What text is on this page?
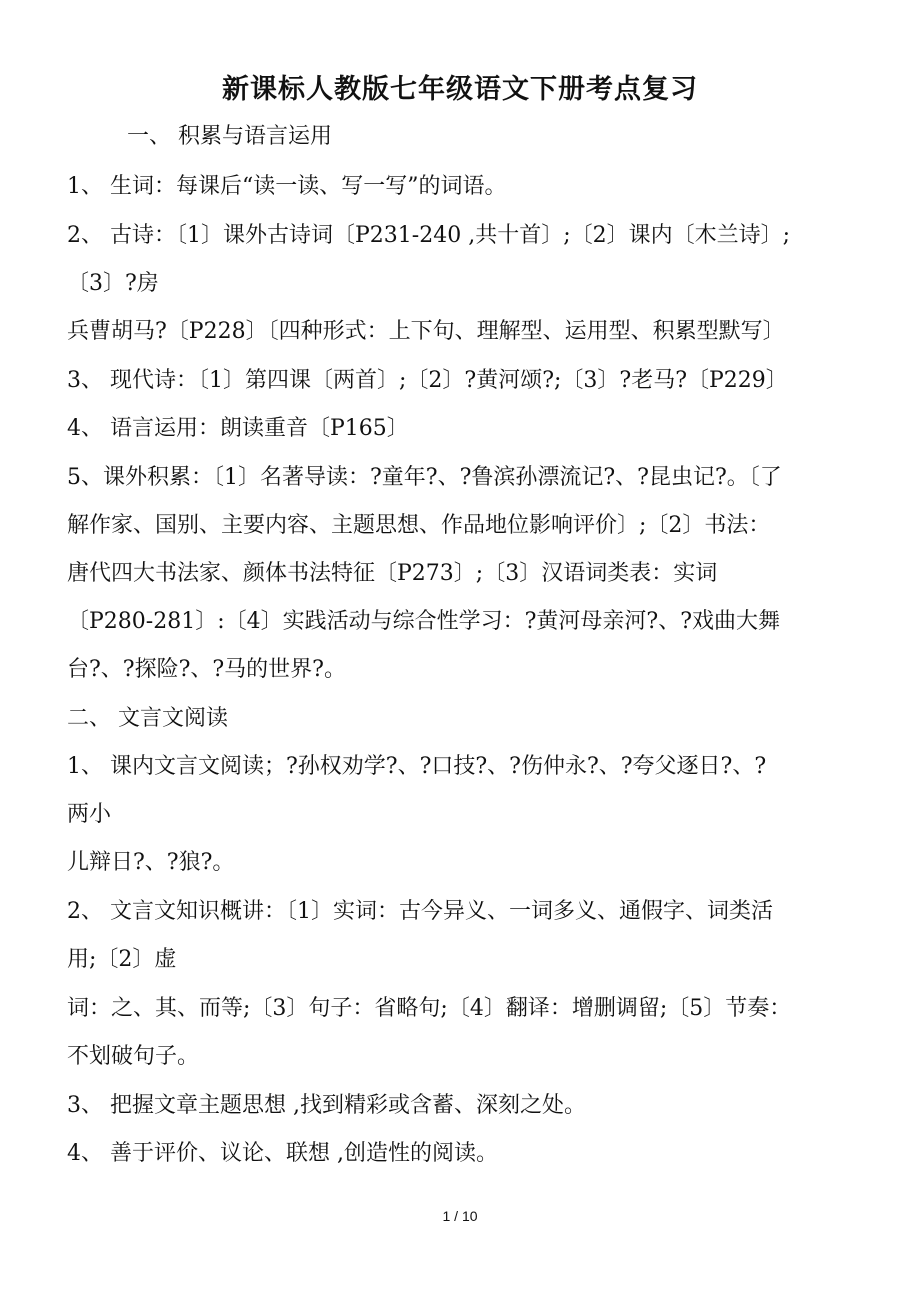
新课标人教版七年级语文下册考点复习
一、 积累与语言运用
1、 生词：每课后“读一读、写一写”的词语。
2、 古诗：〔1〕课外古诗词〔P231-240 ,共十首〕;〔2〕课内〔木兰诗〕;
〔3〕?房
兵曹胡马?〔P228〕〔四种形式：上下句、理解型、运用型、积累型默写〕
3、 现代诗：〔1〕第四课〔两首〕;〔2〕?黄河颂?;〔3〕?老马?〔P229〕
4、 语言运用：朗读重音〔P165〕
5、课外积累：〔1〕名著导读：?童年?、?鲁滨孙漂流记?、?昆虫记?。〔了
解作家、国别、主要内容、主题思想、作品地位影响评价〕;〔2〕书法：
唐代四大书法家、颜体书法特征〔P273〕;〔3〕汉语词类表：实词
〔P280-281〕:〔4〕实践活动与综合性学习：?黄河母亲河?、?戏曲大舞
台?、?探险?、?马的世界?。
二、 文言文阅读
1、 课内文言文阅读；?孙权劝学?、?口技?、?伤仲永?、?夸父逐日?、?
两小
儿辩日?、?狼?。
2、 文言文知识概讲：〔1〕实词：古今异义、一词多义、通假字、词类活
用;〔2〕虚
词：之、其、而等;〔3〕句子：省略句;〔4〕翻译：增删调留;〔5〕节奏：
不划破句子。
3、 把握文章主题思想 ,找到精彩或含蓄、深刻之处。
4、 善于评价、议论、联想 ,创造性的阅读。
1 / 10
